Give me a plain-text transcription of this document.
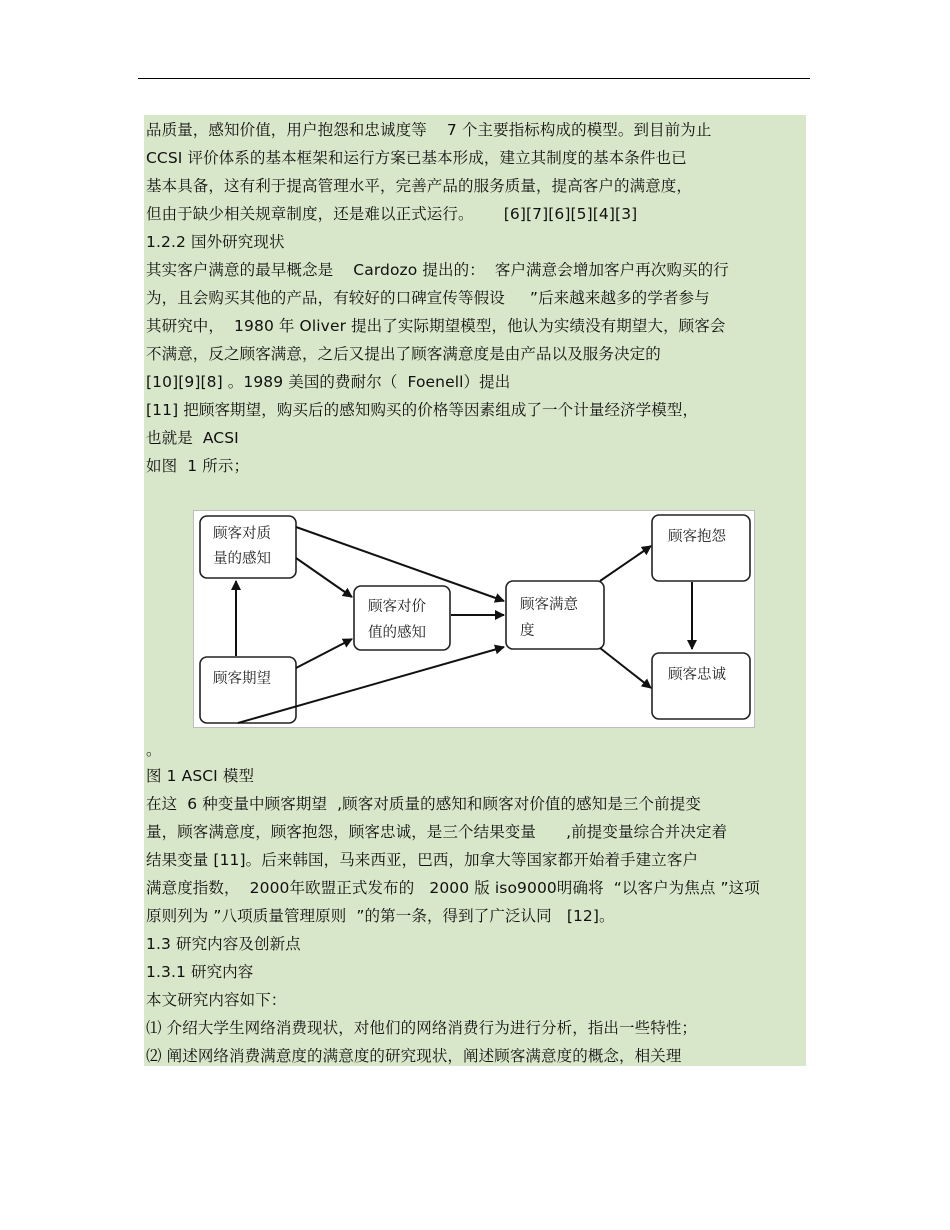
品质量，感知价值，用户抱怨和忠诚度等    7 个主要指标构成的模型。到目前为止
CCSI 评价体系的基本框架和运行方案已基本形成，建立其制度的基本条件也已
基本具备，这有利于提高管理水平，完善产品的服务质量，提高客户的满意度，
但由于缺少相关规章制度，还是难以正式运行。      [6][7][6][5][4][3]
1.2.2 国外研究现状
其实客户满意的最早概念是    Cardozo 提出的：  客户满意会增加客户再次购买的行
为，且会购买其他的产品，有较好的口碑宣传等假设     ”后来越来越多的学者参与
其研究中，  1980 年 Oliver 提出了实际期望模型，他认为实绩没有期望大，顾客会
不满意，反之顾客满意，之后又提出了顾客满意度是由产品以及服务决定的
[10][9][8] 。1989 美国的费耐尔（  Foenell）提出
[11] 把顾客期望，购买后的感知购买的价格等因素组成了一个计量经济学模型，
也就是  ACSI
如图  1 所示；
顾客对质
量的感知
顾客对价
值的感知
顾客满意
度
顾客抱怨
顾客期望	顾客忠诚
。
图 1 ASCI 模型
在这  6 种变量中顾客期望  ,顾客对质量的感知和顾客对价值的感知是三个前提变
量，顾客满意度，顾客抱怨，顾客忠诚，是三个结果变量      ,前提变量综合并决定着
结果变量 [11]。后来韩国，马来西亚，巴西，加拿大等国家都开始着手建立客户
满意度指数，  2000年欧盟正式发布的   2000 版 iso9000明确将  “以客户为焦点 ”这项
原则列为 ”八项质量管理原则  ”的第一条，得到了广泛认同   [12]。
1.3 研究内容及创新点
1.3.1 研究内容
本文研究内容如下：
⑴ 介绍大学生网络消费现状，对他们的网络消费行为进行分析，指出一些特性；
⑵ 阐述网络消费满意度的满意度的研究现状，阐述顾客满意度的概念，相关理
